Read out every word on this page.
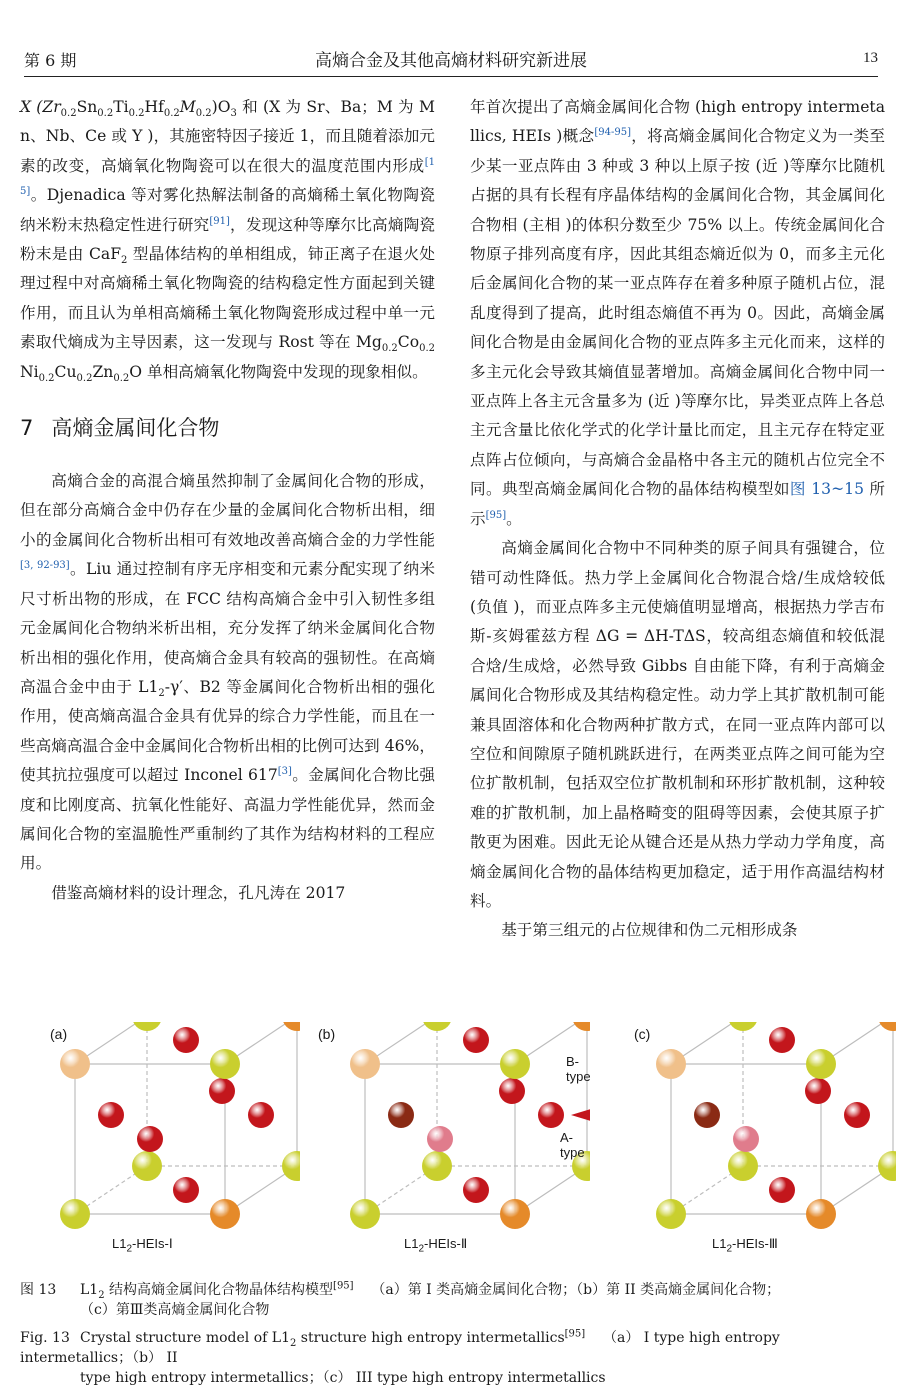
第 6 期	高熵合金及其他高熵材料研究新进展	13

X $(Zr_{0.2}Sn_{0.2}Ti_{0.2}Hf_{0.2}M_{0.2})O_3$ 和 (X 为 Sr、Ba；M 为 Mn、Nb、Ce 或 Y )，其施密特因子接近 1，而且随着添加元素的改变，高熵氧化物陶瓷可以在很大的温度范围内形成[15]。Djenadica 等对雾化热解法制备的高熵稀土氧化物陶瓷纳米粉末热稳定性进行研究[91]，发现这种等摩尔比高熵陶瓷粉末是由 CaF$_2$ 型晶体结构的单相组成，铈正离子在退火处理过程中对高熵稀土氧化物陶瓷的结构稳定性方面起到关键作用，而且认为单相高熵稀土氧化物陶瓷形成过程中单一元素取代熵成为主导因素，这一发现与 Rost 等在 $Mg_{0.2}Co_{0.2}Ni_{0.2}Cu_{0.2}Zn_{0.2}O$ 单相高熵氧化物陶瓷中发现的现象相似。

7 高熵金属间化合物

高熵合金的高混合熵虽然抑制了金属间化合物的形成，但在部分高熵合金中仍存在少量的金属间化合物析出相，细小的金属间化合物析出相可有效地改善高熵合金的力学性能[3, 92-93]。Liu 通过控制有序无序相变和元素分配实现了纳米尺寸析出物的形成，在 FCC 结构高熵合金中引入韧性多组元金属间化合物纳米析出相，充分发挥了纳米金属间化合物析出相的强化作用，使高熵合金具有较高的强韧性。在高熵高温合金中由于 $L1_2-\gamma'$、B2 等金属间化合物析出相的强化作用，使高熵高温合金具有优异的综合力学性能，而且在一些高熵高温合金中金属间化合物析出相的比例可达到 46%，使其抗拉强度可以超过 Inconel 617[3]。金属间化合物比强度和比刚度高、抗氧化性能好、高温力学性能优异，然而金属间化合物的室温脆性严重制约了其作为结构材料的工程应用。

借鉴高熵材料的设计理念，孔凡涛在 2017

年首次提出了高熵金属间化合物 (high entropy intermetallics, HEIs )概念[94-95]，将高熵金属间化合物定义为一类至少某一亚点阵由 3 种或 3 种以上原子按 (近 )等摩尔比随机占据的具有长程有序晶体结构的金属间化合物，其金属间化合物相 (主相 )的体积分数至少 75% 以上。传统金属间化合物原子排列高度有序，因此其组态熵近似为 0，而多主元化后金属间化合物的某一亚点阵存在着多种原子随机占位，混乱度得到了提高，此时组态熵值不再为 0。因此，高熵金属间化合物是由金属间化合物的亚点阵多主元化而来，这样的多主元化会导致其熵值显著增加。高熵金属间化合物中同一亚点阵上各主元含量多为 (近 )等摩尔比，异类亚点阵上各总主元含量比依化学式的化学计量比而定，且主元存在特定亚点阵占位倾向，与高熵合金晶格中各主元的随机占位完全不同。典型高熵金属间化合物的晶体结构模型如图 13~15 所示[95]。

高熵金属间化合物中不同种类的原子间具有强键合，位错可动性降低。热力学上金属间化合物混合焓/生成焓较低 (负值 )，而亚点阵多主元使熵值明显增高，根据热力学吉布斯-亥姆霍兹方程 ΔG = ΔH-TΔS，较高组态熵值和较低混合焓/生成焓，必然导致 Gibbs 自由能下降，有利于高熵金属间化合物形成及其结构稳定性。动力学上其扩散机制可能兼具固溶体和化合物两种扩散方式，在同一亚点阵内部可以空位和间隙原子随机跳跃进行，在两类亚点阵之间可能为空位扩散机制，包括双空位扩散机制和环形扩散机制，这种较难的扩散机制，加上晶格畸变的阻碍等因素，会使其原子扩散更为困难。因此无论从键合还是从热力学动力学角度，高熵金属间化合物的晶体结构更加稳定，适于用作高温结构材料。

基于第三组元的占位规律和伪二元相形成条

(a)
$L1_2-HEIs-Ⅰ$
(b)
B-type
A-type
$L1_2-HEIs-Ⅱ$
(c)
$L1_2-HEIs-Ⅲ$
图 13 $L1_2$ 结构高熵金属间化合物晶体结构模型[95] （a）第 I 类高熵金属间化合物；（b）第 II 类高熵金属间化合物；
（c）第Ⅲ类高熵金属间化合物
Fig. 13 Crystal structure model of $L1_2$ structure high entropy intermetallics[95] （a） I type high entropy intermetallics；（b） II
type high entropy intermetallics；（c） III type high entropy intermetallics
